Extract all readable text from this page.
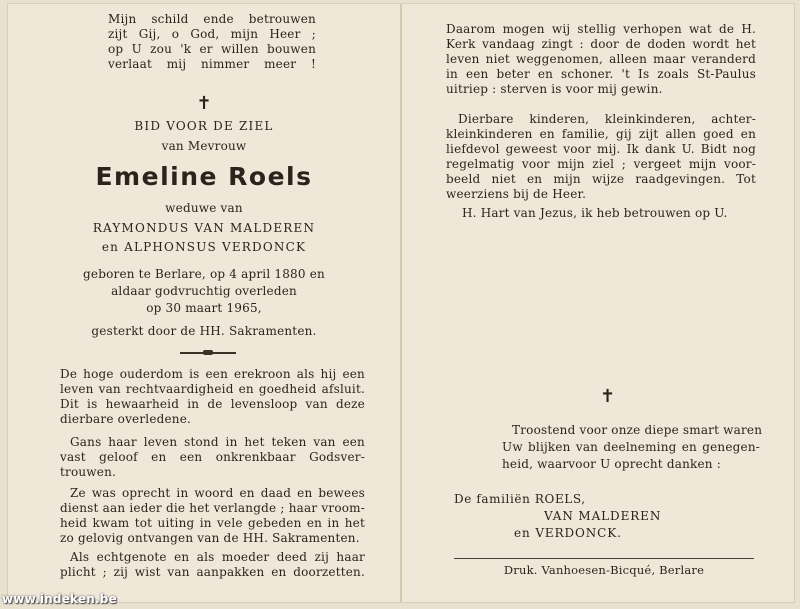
Mijn schild ende betrouwen
zijt Gij, o God, mijn Heer ;
op U zou 'k er willen bouwen
verlaat mij nimmer meer !
✝
BID VOOR DE ZIEL
van Mevrouw
Emeline Roels
weduwe van
RAYMONDUS VAN MALDEREN
en ALPHONSUS VERDONCK
geboren te Berlare, op 4 april 1880 en
aldaar godvruchtig overleden
op 30 maart 1965,
gesterkt door de HH. Sakramenten.
De hoge ouderdom is een erekroon als hij een
leven van rechtvaardigheid en goedheid afsluit.
Dit is hewaarheid in de levensloop van deze
dierbare overledene.
Gans haar leven stond in het teken van een
vast geloof en een onkrenkbaar Godsver-
trouwen.
Ze was oprecht in woord en daad en bewees
dienst aan ieder die het verlangde ; haar vroom-
heid kwam tot uiting in vele gebeden en in het
zo gelovig ontvangen van de HH. Sakramenten.
Als echtgenote en als moeder deed zij haar
plicht ; zij wist van aanpakken en doorzetten.
Daarom mogen wij stellig verhopen wat de H.
Kerk vandaag zingt : door de doden wordt het
leven niet weggenomen, alleen maar veranderd
in een beter en schoner. 't Is zoals St-Paulus
uitriep : sterven is voor mij gewin.
Dierbare kinderen, kleinkinderen, achter-
kleinkinderen en familie, gij zijt allen goed en
liefdevol geweest voor mij. Ik dank U. Bidt nog
regelmatig voor mijn ziel ; vergeet mijn voor-
beeld niet en mijn wijze raadgevingen. Tot
weerziens bij de Heer.
H. Hart van Jezus, ik heb betrouwen op U.
✝
Troostend voor onze diepe smart waren
Uw blijken van deelneming en genegen-
heid, waarvoor U oprecht danken :
De familiën ROELS,
VAN MALDEREN
en VERDONCK.
Druk. Vanhoesen-Bicqué, Berlare
www.indeken.be
